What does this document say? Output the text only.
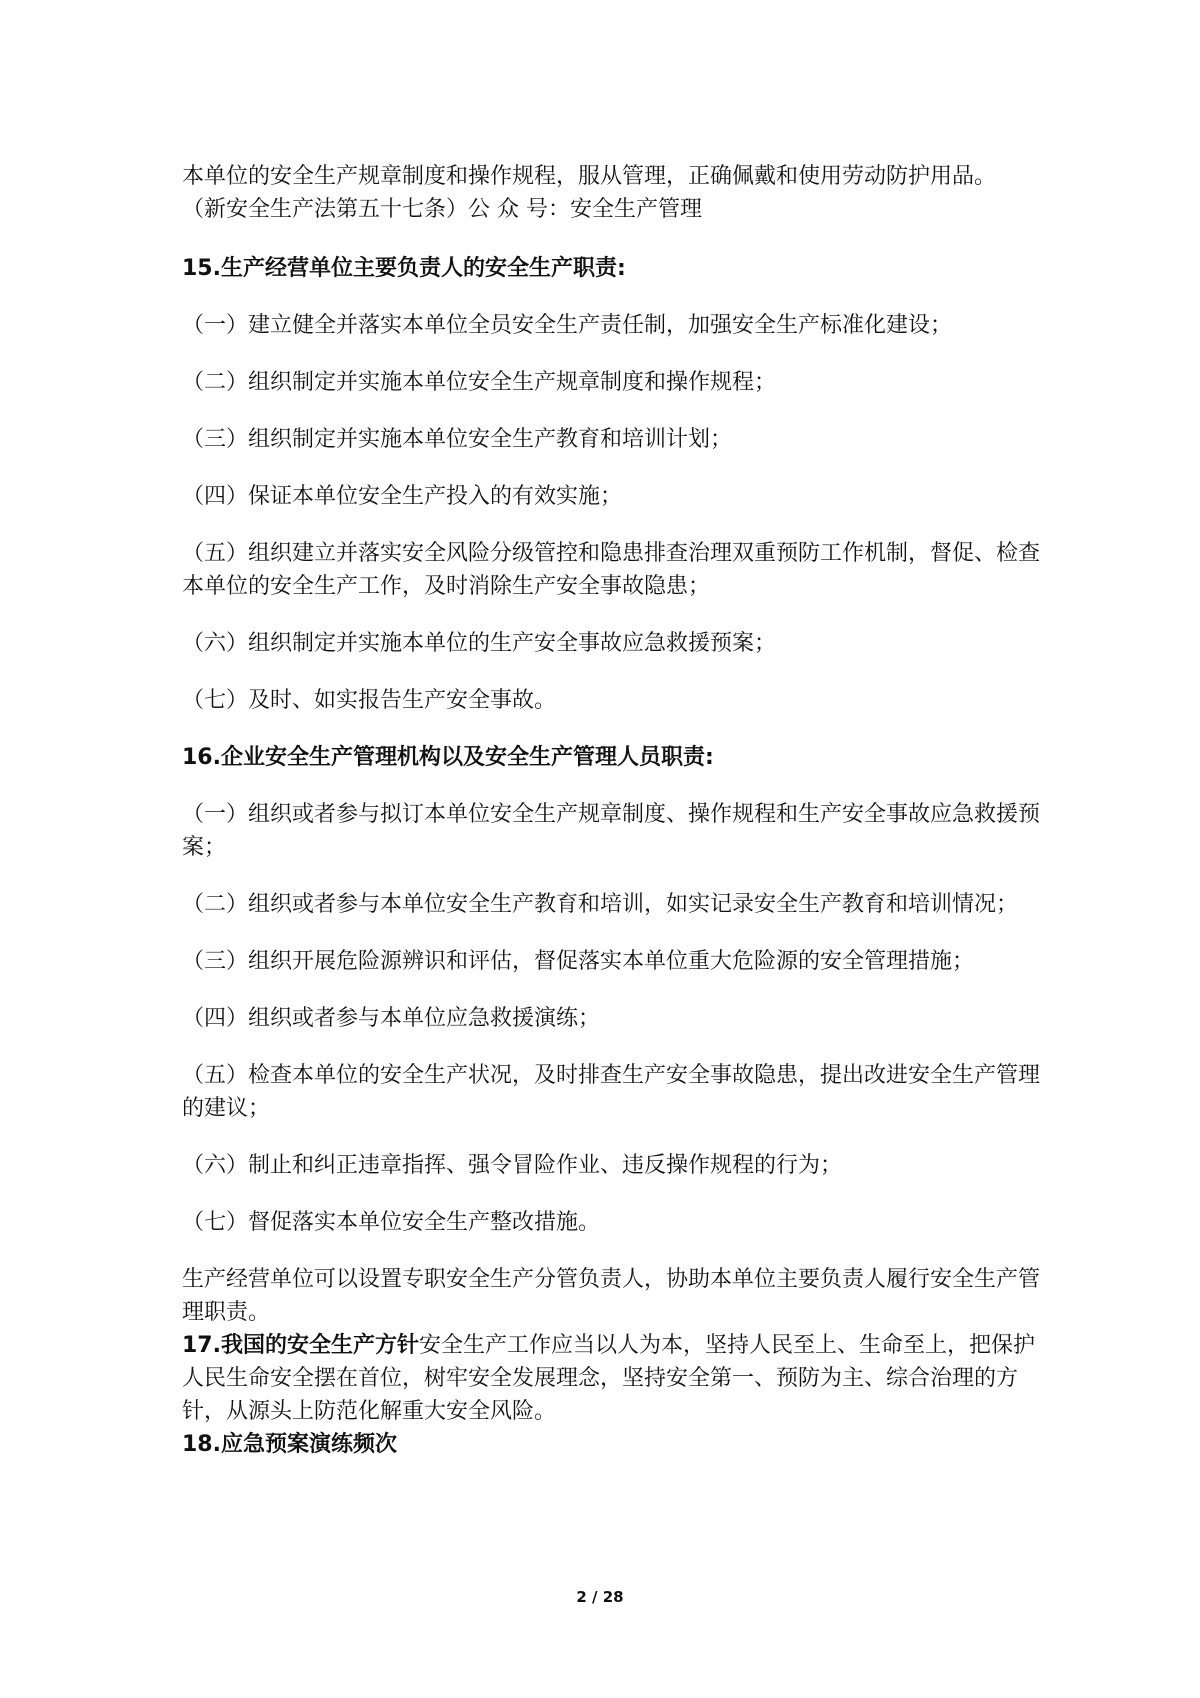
本单位的安全生产规章制度和操作规程，服从管理，正确佩戴和使用劳动防护用品。

（新安全生产法第五十七条）公 众 号：安全生产管理

15.生产经营单位主要负责人的安全生产职责:

（一）建立健全并落实本单位全员安全生产责任制，加强安全生产标准化建设；

（二）组织制定并实施本单位安全生产规章制度和操作规程；

（三）组织制定并实施本单位安全生产教育和培训计划；

（四）保证本单位安全生产投入的有效实施；

（五）组织建立并落实安全风险分级管控和隐患排查治理双重预防工作机制，督促、检查本单位的安全生产工作，及时消除生产安全事故隐患；

（六）组织制定并实施本单位的生产安全事故应急救援预案；

（七）及时、如实报告生产安全事故。

16.企业安全生产管理机构以及安全生产管理人员职责:

（一）组织或者参与拟订本单位安全生产规章制度、操作规程和生产安全事故应急救援预案；

（二）组织或者参与本单位安全生产教育和培训，如实记录安全生产教育和培训情况；

（三）组织开展危险源辨识和评估，督促落实本单位重大危险源的安全管理措施；

（四）组织或者参与本单位应急救援演练；

（五）检查本单位的安全生产状况，及时排查生产安全事故隐患，提出改进安全生产管理的建议；

（六）制止和纠正违章指挥、强令冒险作业、违反操作规程的行为；

（七）督促落实本单位安全生产整改措施。

生产经营单位可以设置专职安全生产分管负责人，协助本单位主要负责人履行安全生产管理职责。

17.我国的安全生产方针安全生产工作应当以人为本，坚持人民至上、生命至上，把保护人民生命安全摆在首位，树牢安全发展理念，坚持安全第一、预防为主、综合治理的方针，从源头上防范化解重大安全风险。

18.应急预案演练频次

2 / 28
